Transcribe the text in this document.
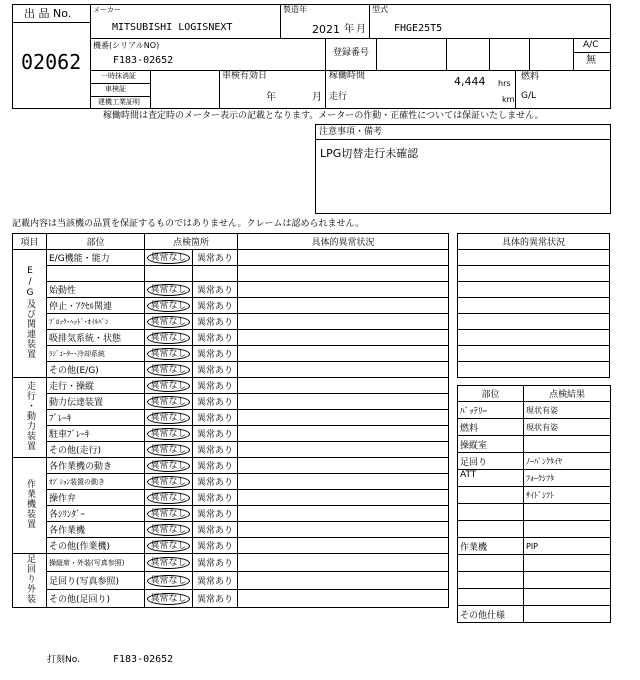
出 品 No.
02062
メーカー
MITSUBISHI LOGISNEXT
製造年
2021 年 月
型式
FHGE25T5
機番(シリアルNO)
F183-02652
登録番号
A/C
無
一時抹消証
車検証
建機工業証明
車検有効日
年	月
稼働時間	4,444 hrs
走行	km
燃料
G/L
稼働時間は査定時のメーター表示の記載となります。メーターの作動・正確性については保証いたしません。
注意事項・備考
LPG切替走行未確認
記載内容は当該機の品質を保証するものではありません。クレームは認められません。
項目	部位	点検箇所		具体的異常状況
E/G及び関連装置	E/G機能・能力	異常なし	異常あり	

	始動性	異常なし	異常あり	
	停止・ｱｸｾﾙ関連	異常なし	異常あり	
	ﾌﾞﾛｯｸ･ﾍｯﾄﾞ･ｵｲﾙﾊﾟﾝ	異常なし	異常あり	
	吸排気系統・状態	異常なし	異常あり	
	ﾗｼﾞｴｰﾀｰ･冷却系統	異常なし	異常あり	
	その他(E/G)	異常なし	異常あり	
走行・動力装置	走行・操縦	異常なし	異常あり	
	動力伝達装置	異常なし	異常あり	
	ﾌﾞﾚｰｷ	異常なし	異常あり	
	駐車ﾌﾞﾚｰｷ	異常なし	異常あり	
	その他(走行)	異常なし	異常あり	
作業機装置	各作業機の動き	異常なし	異常あり	
	ｵﾌﾟｼｮﾝ装置の動き	異常なし	異常あり	
	操作弁	異常なし	異常あり	
	各ｼﾘﾝﾀﾞｰ	異常なし	異常あり	
	各作業機	異常なし	異常あり	
	その他(作業機)	異常なし	異常あり	
足回り外装	操縦席・外装(写真参照)	異常なし	異常あり	
	足回り(写真参照)	異常なし	異常あり	
	その他(足回り)	異常なし	異常あり	
具体的異常状況

部位	点検結果
ﾊﾞｯﾃﾘｰ	現状有姿
燃料	現状有姿
操縦室	
足回り	ﾉｰﾊﾟﾝｸﾀｲﾔ
ATT	ﾌｫｰｸｼﾌﾀ
	ｻｲﾄﾞｼﾌﾄ

作業機	PIP

その他仕様	
打刻No.	F183-02652
